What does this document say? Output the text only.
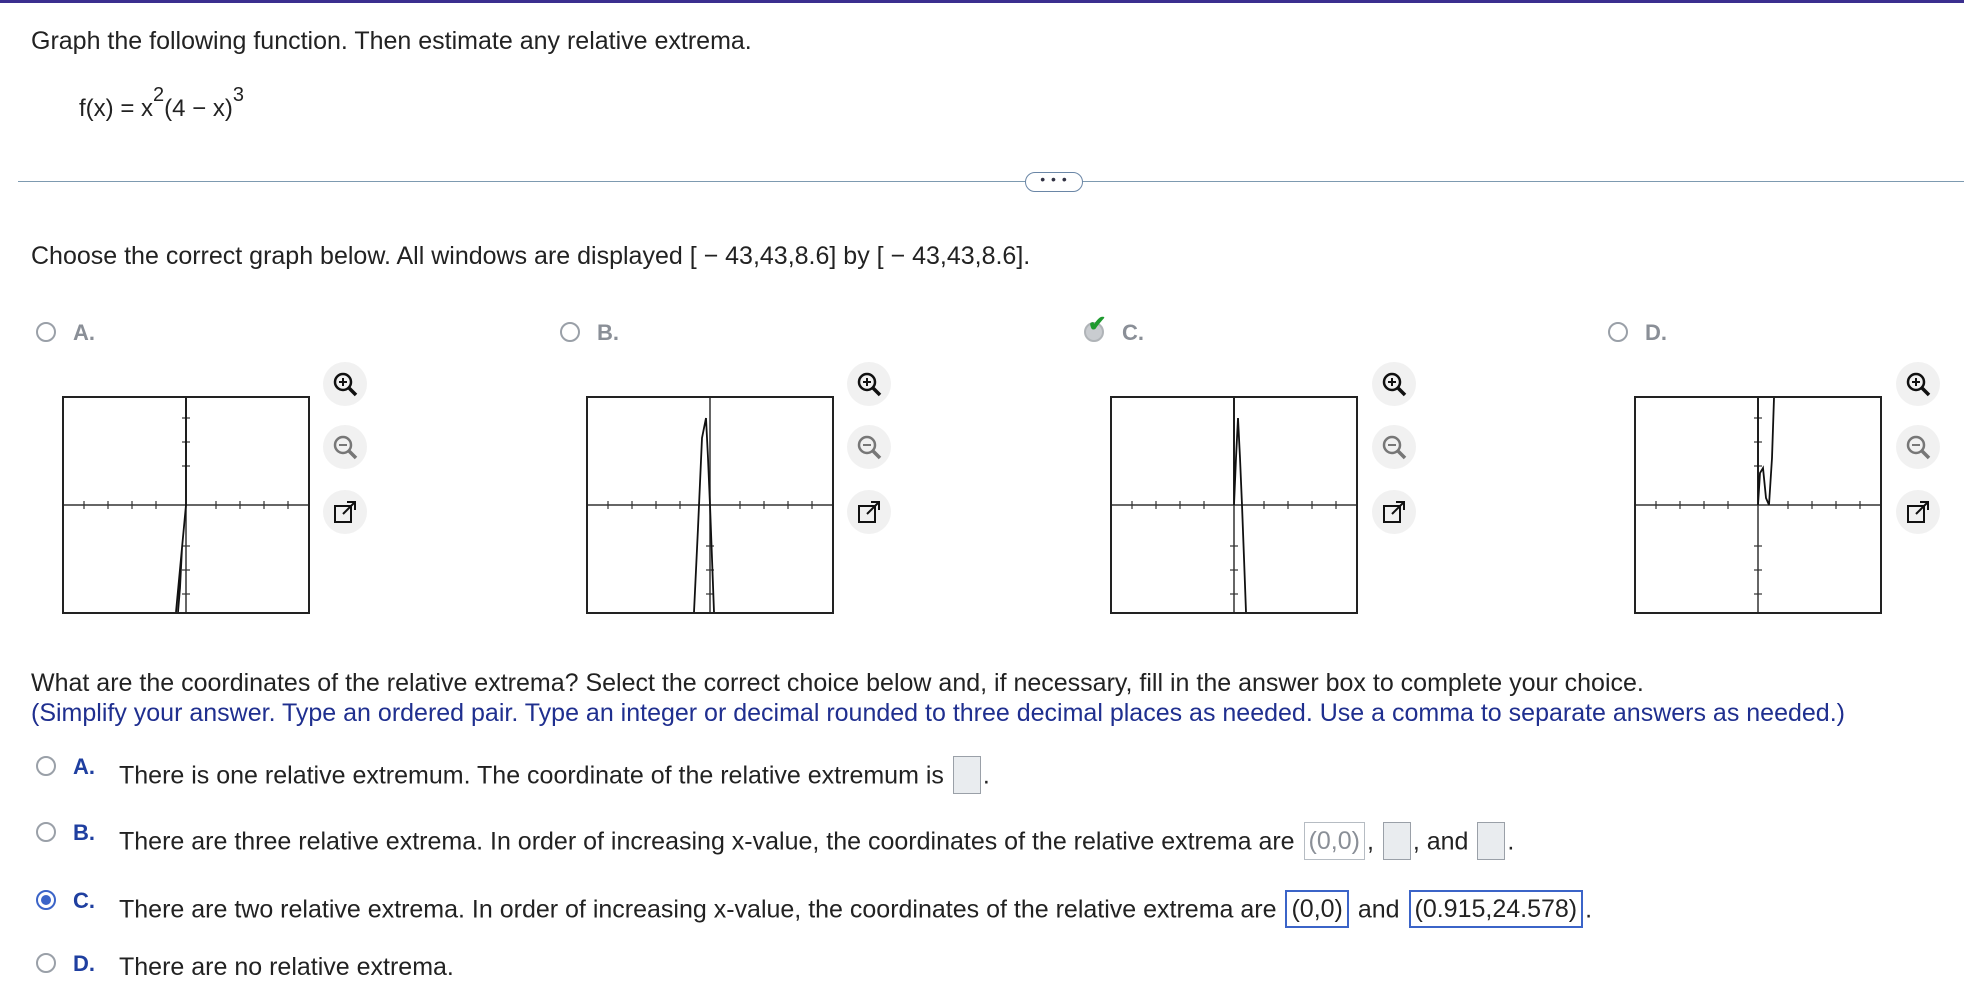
Graph the following function. Then estimate any relative extrema.
$f(x) = x^2(4 - x)^3$
• • •
Choose the correct graph below. All windows are displayed [ − 43,43,8.6] by [ − 43,43,8.6].
A.	B.	✔ C.	D.
What are the coordinates of the relative extrema? Select the correct choice below and, if necessary, fill in the answer box to complete your choice.
(Simplify your answer. Type an ordered pair. Type an integer or decimal rounded to three decimal places as needed. Use a comma to separate answers as needed.)
A. There is one relative extremum. The coordinate of the relative extremum is .
B. There are three relative extrema. In order of increasing x-value, the coordinates of the relative extrema are (0,0) , , and .
C. There are two relative extrema. In order of increasing x-value, the coordinates of the relative extrema are (0,0) and (0.915,24.578) .
D. There are no relative extrema.
